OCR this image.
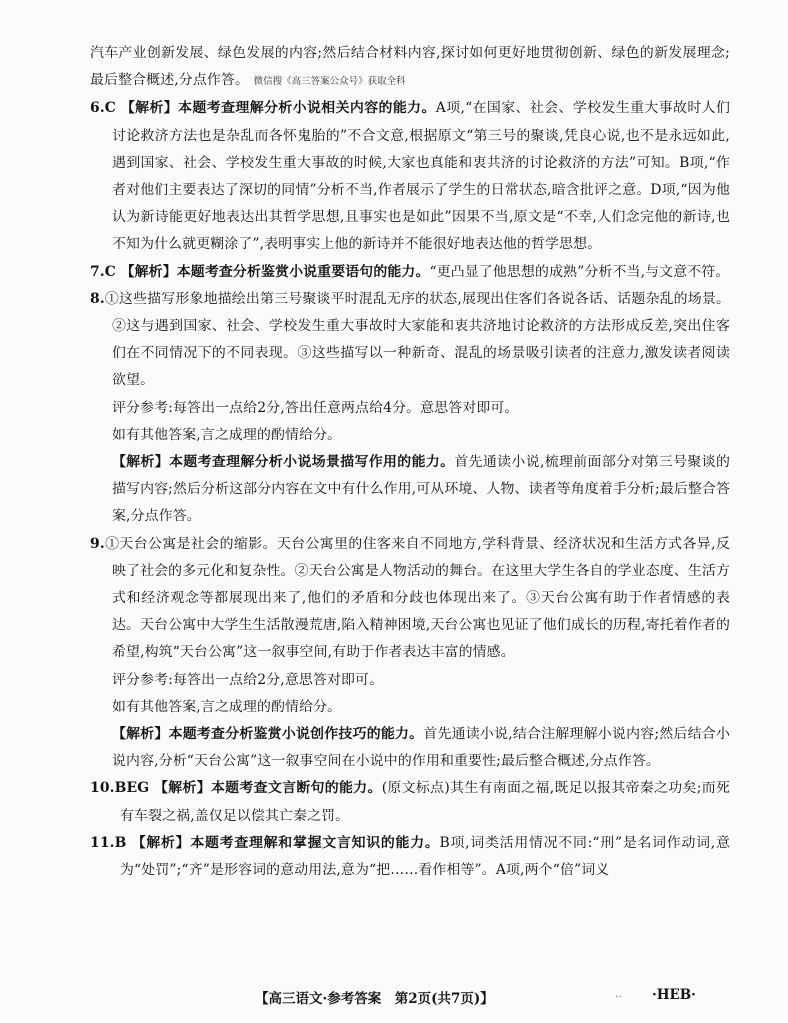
汽车产业创新发展、绿色发展的内容;然后结合材料内容,探讨如何更好地贯彻创新、绿色的新发展理念;最后整合概述,分点作答。 微信搜《高三答案公众号》获取全科
6.C 【解析】本题考查理解分析小说相关内容的能力。A项,“在国家、社会、学校发生重大事故时人们讨论救济方法也是杂乱而各怀鬼胎的”不合文意,根据原文“第三号的聚谈,凭良心说,也不是永远如此,遇到国家、社会、学校发生重大事故的时候,大家也真能和衷共济的讨论救济的方法”可知。B项,“作者对他们主要表达了深切的同情”分析不当,作者展示了学生的日常状态,暗含批评之意。D项,“因为他认为新诗能更好地表达出其哲学思想,且事实也是如此”因果不当,原文是“不幸,人们念完他的新诗,也不知为什么就更糊涂了”,表明事实上他的新诗并不能很好地表达他的哲学思想。
7.C 【解析】本题考查分析鉴赏小说重要语句的能力。“更凸显了他思想的成熟”分析不当,与文意不符。
8.①这些描写形象地描绘出第三号聚谈平时混乱无序的状态,展现出住客们各说各话、话题杂乱的场景。②这与遇到国家、社会、学校发生重大事故时大家能和衷共济地讨论救济的方法形成反差,突出住客们在不同情况下的不同表现。③这些描写以一种新奇、混乱的场景吸引读者的注意力,激发读者阅读欲望。
评分参考:每答出一点给2分,答出任意两点给4分。意思答对即可。
如有其他答案,言之成理的酌情给分。
【解析】本题考查理解分析小说场景描写作用的能力。首先通读小说,梳理前面部分对第三号聚谈的描写内容;然后分析这部分内容在文中有什么作用,可从环境、人物、读者等角度着手分析;最后整合答案,分点作答。
9.①天台公寓是社会的缩影。天台公寓里的住客来自不同地方,学科背景、经济状况和生活方式各异,反映了社会的多元化和复杂性。②天台公寓是人物活动的舞台。在这里大学生各自的学业态度、生活方式和经济观念等都展现出来了,他们的矛盾和分歧也体现出来了。③天台公寓有助于作者情感的表达。天台公寓中大学生生活散漫荒唐,陷入精神困境,天台公寓也见证了他们成长的历程,寄托着作者的希望,构筑“天台公寓”这一叙事空间,有助于作者表达丰富的情感。
评分参考:每答出一点给2分,意思答对即可。
如有其他答案,言之成理的酌情给分。
【解析】本题考查分析鉴赏小说创作技巧的能力。首先通读小说,结合注解理解小说内容;然后结合小说内容,分析“天台公寓”这一叙事空间在小说中的作用和重要性;最后整合概述,分点作答。
10.BEG 【解析】本题考查文言断句的能力。(原文标点)其生有南面之福,既足以报其帝秦之功矣;而死有车裂之祸,盖仅足以偿其亡秦之罚。
11.B 【解析】本题考查理解和掌握文言知识的能力。B项,词类活用情况不同:“刑”是名词作动词,意为“处罚”;“齐”是形容词的意动用法,意为“把……看作相等”。A项,两个“倍”词义
【高三语文·参考答案　第2页(共7页)】	.. ·HEB·
